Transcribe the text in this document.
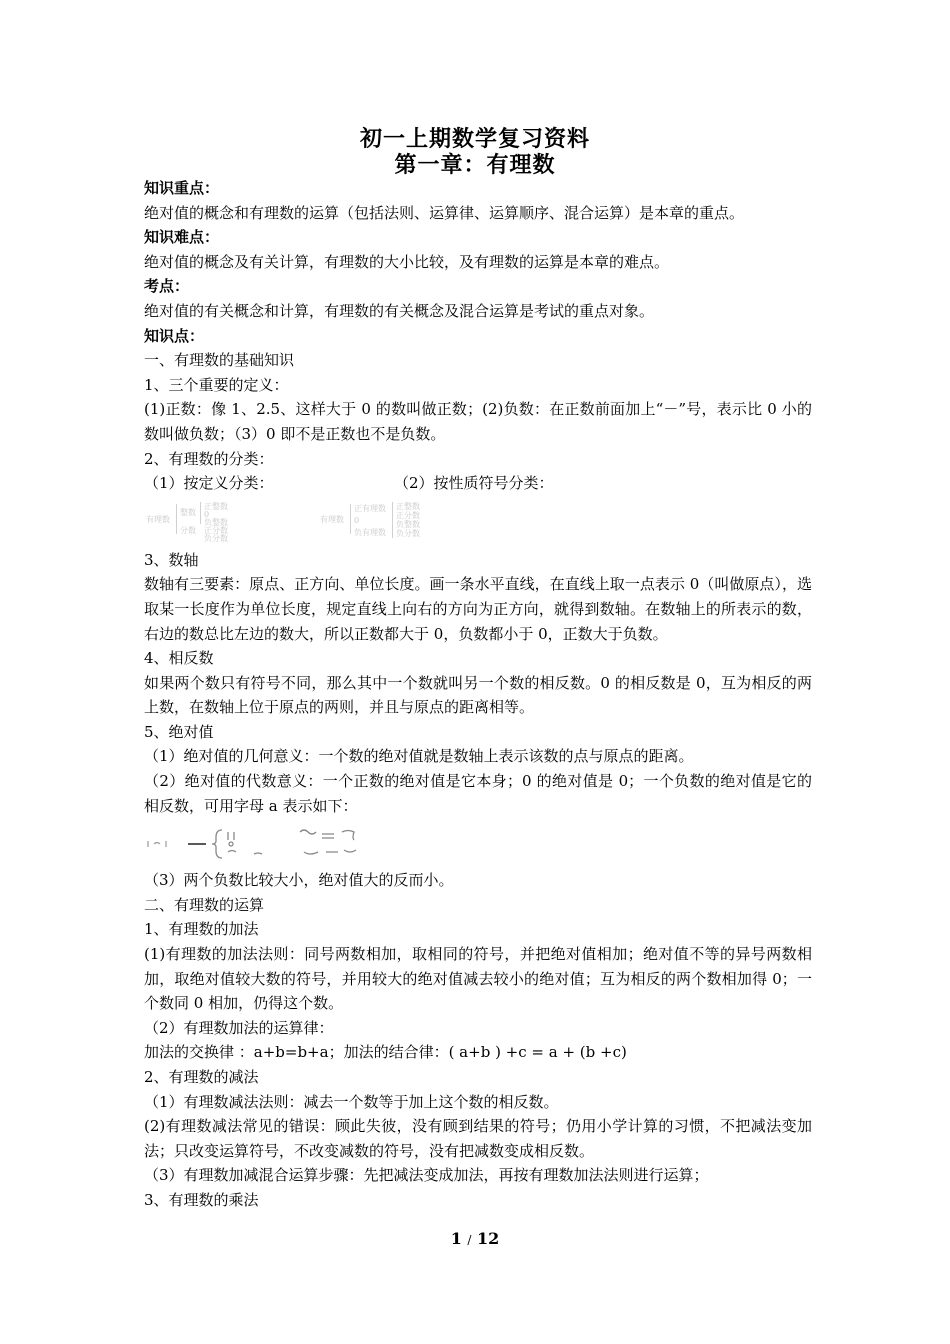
初一上期数学复习资料
第一章：有理数

知识重点：

绝对值的概念和有理数的运算（包括法则、运算律、运算顺序、混合运算）是本章的重点。

知识难点：

绝对值的概念及有关计算，有理数的大小比较，及有理数的运算是本章的难点。

考点：

绝对值的有关概念和计算，有理数的有关概念及混合运算是考试的重点对象。

知识点：

一、有理数的基础知识

1、三个重要的定义：

(1)正数：像 1、2.5、这样大于 0 的数叫做正数；(2)负数：在正数前面加上“－”号，表示比 0 小的数叫做负数；（3）0 即不是正数也不是负数。

2、有理数的分类：

（1）按定义分类：	（2）按性质符号分类：

有理数
整数
分数
正整数
0
负整数
正分数
负分数
有理数
正有理数
0
负有理数
正整数
正分数
负整数
负分数

3、数轴

数轴有三要素：原点、正方向、单位长度。画一条水平直线，在直线上取一点表示 0（叫做原点），选取某一长度作为单位长度，规定直线上向右的方向为正方向，就得到数轴。在数轴上的所表示的数，右边的数总比左边的数大，所以正数都大于 0，负数都小于 0，正数大于负数。

4、相反数

如果两个数只有符号不同，那么其中一个数就叫另一个数的相反数。0 的相反数是 0，互为相反的两上数，在数轴上位于原点的两则，并且与原点的距离相等。

5、绝对值

（1）绝对值的几何意义：一个数的绝对值就是数轴上表示该数的点与原点的距离。

（2）绝对值的代数意义：一个正数的绝对值是它本身；0 的绝对值是 0；一个负数的绝对值是它的相反数，可用字母 a 表示如下：

（3）两个负数比较大小，绝对值大的反而小。

二、有理数的运算

1、有理数的加法

(1)有理数的加法法则：同号两数相加，取相同的符号，并把绝对值相加；绝对值不等的异号两数相加，取绝对值较大数的符号，并用较大的绝对值减去较小的绝对值；互为相反的两个数相加得 0；一个数同 0 相加，仍得这个数。

（2）有理数加法的运算律：

加法的交换律 ：a+b=b+a；加法的结合律：( a+b ) +c = a + (b +c)

2、有理数的减法

（1）有理数减法法则：减去一个数等于加上这个数的相反数。

(2)有理数减法常见的错误：顾此失彼，没有顾到结果的符号；仍用小学计算的习惯，不把减法变加法；只改变运算符号，不改变减数的符号，没有把减数变成相反数。

（3）有理数加减混合运算步骤：先把减法变成加法，再按有理数加法法则进行运算；

3、有理数的乘法

1 / 12
